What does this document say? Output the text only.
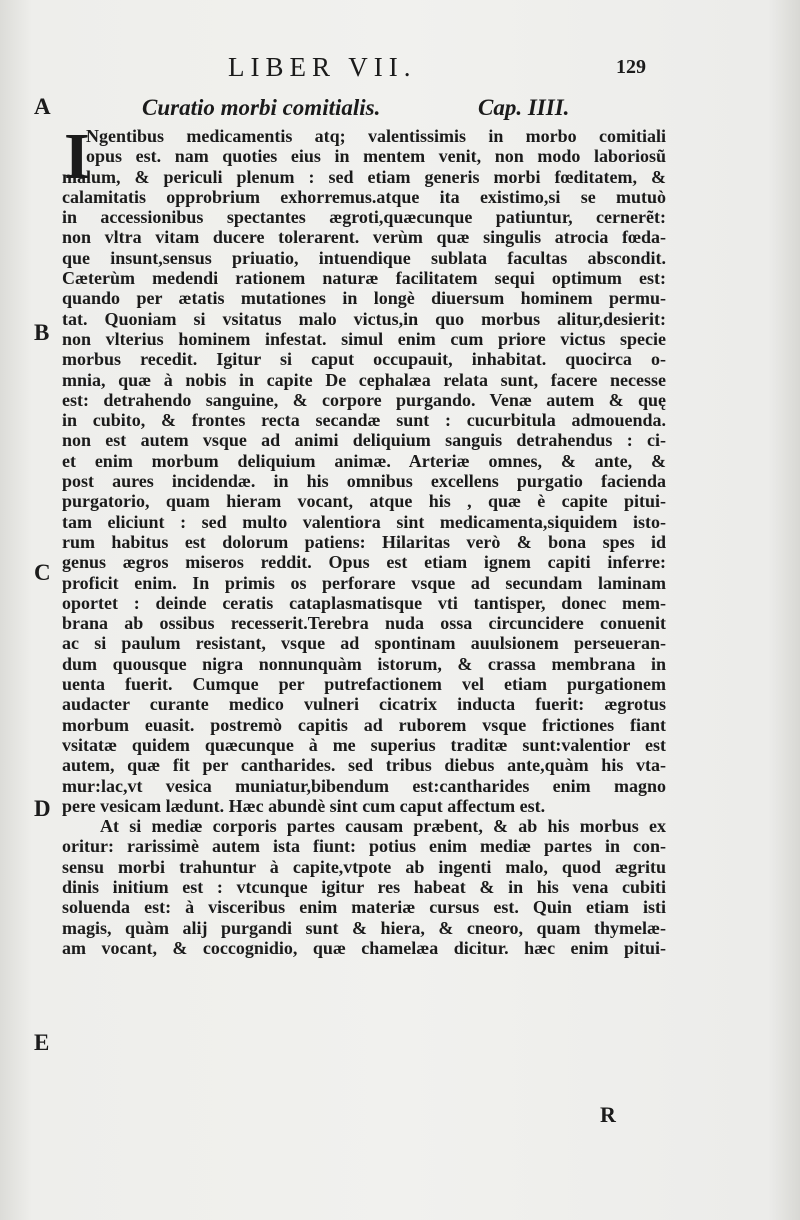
LIBER VII.	129
Curatio morbi comitialis.	Cap. IIII.
A
B
C
D
E
I
Ngentibus medicamentis atq; valentissimis in morbo comitiali
opus est. nam quoties eius in mentem venit, non modo laboriosũ
malum, & periculi plenum : sed etiam generis morbi fœditatem, &
calamitatis opprobrium exhorremus.atque ita existimo,si se mutuò
in accessionibus spectantes ægroti,quæcunque patiuntur, cernerẽt:
non vltra vitam ducere tolerarent. verùm quæ singulis atrocia fœda-
que insunt,sensus priuatio, intuendique sublata facultas abscondit.
Cæterùm medendi rationem naturæ facilitatem sequi optimum est:
quando per ætatis mutationes in longè diuersum hominem permu-
tat. Quoniam si vsitatus malo victus,in quo morbus alitur,desierit:
non vlterius hominem infestat. simul enim cum priore victus specie
morbus recedit. Igitur si caput occupauit, inhabitat. quocirca o-
mnia, quæ à nobis in capite De cephalæa relata sunt, facere necesse
est: detrahendo sanguine, & corpore purgando. Venæ autem & quę
in cubito, & frontes recta secandæ sunt : cucurbitula admouenda.
non est autem vsque ad animi deliquium sanguis detrahendus : ci-
et enim morbum deliquium animæ. Arteriæ omnes, & ante, &
post aures incidendæ. in his omnibus excellens purgatio facienda
purgatorio, quam hieram vocant, atque his , quæ è capite pitui-
tam eliciunt : sed multo valentiora sint medicamenta,siquidem isto-
rum habitus est dolorum patiens: Hilaritas verò & bona spes id
genus ægros miseros reddit. Opus est etiam ignem capiti inferre:
proficit enim. In primis os perforare vsque ad secundam laminam
oportet : deinde ceratis cataplasmatisque vti tantisper, donec mem-
brana ab ossibus recesserit.Terebra nuda ossa circuncidere conuenit
ac si paulum resistant, vsque ad spontinam auulsionem perseueran-
dum quousque nigra nonnunquàm istorum, & crassa membrana in
uenta fuerit. Cumque per putrefactionem vel etiam purgationem
audacter curante medico vulneri cicatrix inducta fuerit: ægrotus
morbum euasit. postremò capitis ad ruborem vsque frictiones fiant
vsitatæ quidem quæcunque à me superius traditæ sunt:valentior est
autem, quæ fit per cantharides. sed tribus diebus ante,quàm his vta-
mur:lac,vt vesica muniatur,bibendum est:cantharides enim magno
pere vesicam lædunt. Hæc abundè sint cum caput affectum est.
At si mediæ corporis partes causam præbent, & ab his morbus ex
oritur: rarissimè autem ista fiunt: potius enim mediæ partes in con-
sensu morbi trahuntur à capite,vtpote ab ingenti malo, quod ægritu
dinis initium est : vtcunque igitur res habeat & in his vena cubiti
soluenda est: à visceribus enim materiæ cursus est. Quin etiam isti
magis, quàm alij purgandi sunt & hiera, & cneoro, quam thymelæ-
am vocant, & coccognidio, quæ chamelæa dicitur. hæc enim pitui-
R
